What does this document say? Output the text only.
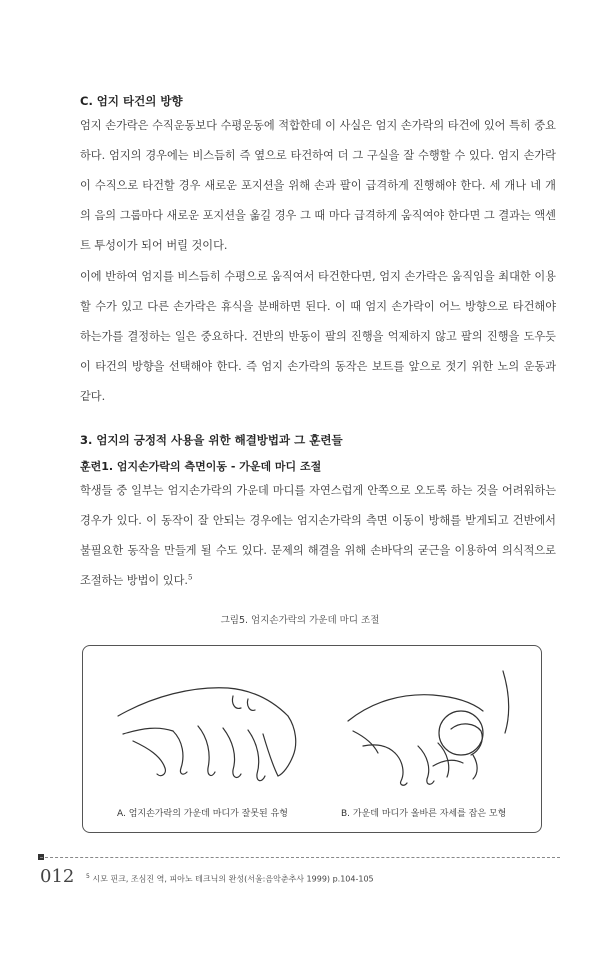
C. 엄지 타건의 방향

엄지 손가락은 수직운동보다 수평운동에 적합한데 이 사실은 엄지 손가락의 타건에 있어 특히 중요하다. 엄지의 경우에는 비스듬히 즉 옆으로 타건하여 더 그 구실을 잘 수행할 수 있다. 엄지 손가락이 수직으로 타건할 경우 새로운 포지션을 위해 손과 팔이 급격하게 진행해야 한다. 세 개나 네 개의 음의 그룹마다 새로운 포지션을 옮길 경우 그 때 마다 급격하게 움직여야 한다면 그 결과는 액센트 투성이가 되어 버릴 것이다.

이에 반하여 엄지를 비스듬히 수평으로 움직여서 타건한다면, 엄지 손가락은 움직임을 최대한 이용할 수가 있고 다른 손가락은 휴식을 분배하면 된다. 이 때 엄지 손가락이 어느 방향으로 타건해야 하는가를 결정하는 일은 중요하다. 건반의 반동이 팔의 진행을 억제하지 않고 팔의 진행을 도우듯이 타건의 방향을 선택해야 한다. 즉 엄지 손가락의 동작은 보트를 앞으로 젓기 위한 노의 운동과 같다.

3. 엄지의 긍정적 사용을 위한 해결방법과 그 훈련들
훈련1. 엄지손가락의 측면이동 - 가운데 마디 조절

학생들 중 일부는 엄지손가락의 가운데 마디를 자연스럽게 안쪽으로 오도록 하는 것을 어려워하는 경우가 있다. 이 동작이 잘 안되는 경우에는 엄지손가락의 측면 이동이 방해를 받게되고 건반에서 불필요한 동작을 만들게 될 수도 있다. 문제의 해결을 위해 손바닥의 굳근을 이용하여 의식적으로 조절하는 방법이 있다.$^5$

그림5. 엄지손가락의 가운데 마디 조절
A. 엄지손가락의 가운데 마디가 잘못된 유형	B. 가운데 마디가 올바른 자세를 잡은 모형
012 $^5$ 시모 핀크, 조심진 역, 피아노 테크닉의 완성(서울:음악춘추사 1999) p.104-105
